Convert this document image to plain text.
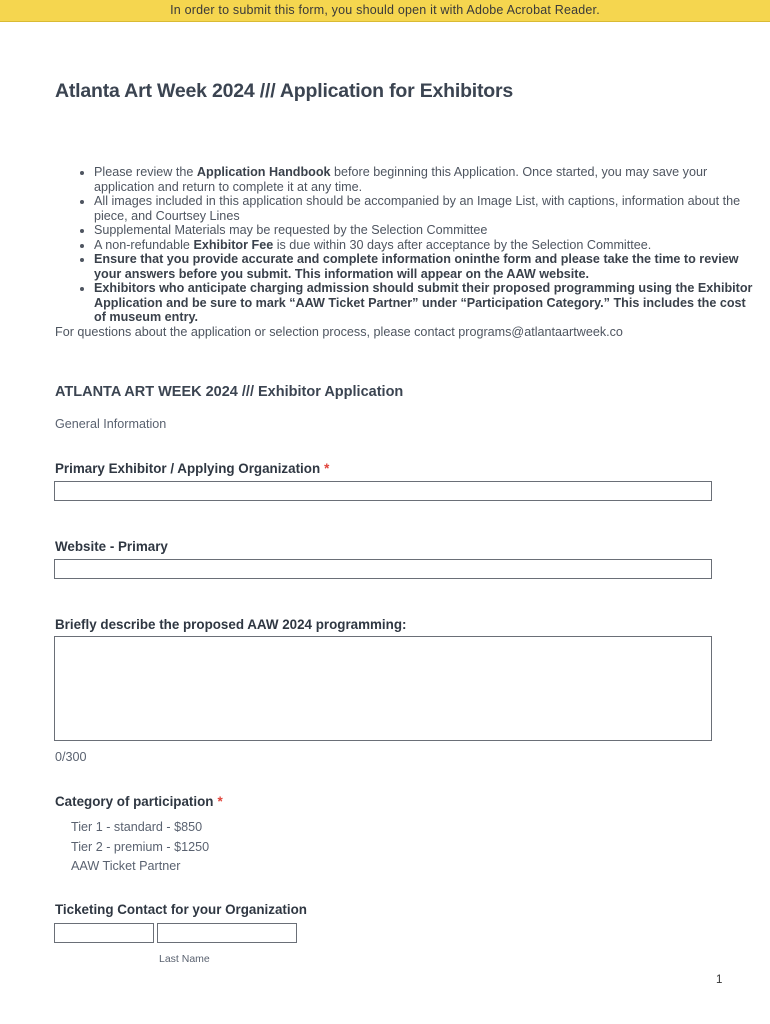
In order to submit this form, you should open it with Adobe Acrobat Reader.
Atlanta Art Week 2024 /// Application for Exhibitors
• Please review the Application Handbook before beginning this Application. Once started, you may save your application and return to complete it at any time.
• All images included in this application should be accompanied by an Image List, with captions, information about the piece, and Courtsey Lines
• Supplemental Materials may be requested by the Selection Committee
• A non-refundable Exhibitor Fee is due within 30 days after acceptance by the Selection Committee.
• Ensure that you provide accurate and complete information oninthe form and please take the time to review your answers before you submit. This information will appear on the AAW website.
• Exhibitors who anticipate charging admission should submit their proposed programming using the Exhibitor Application and be sure to mark “AAW Ticket Partner” under “Participation Category.” This includes the cost of museum entry.
For questions about the application or selection process, please contact programs@atlantaartweek.co
ATLANTA ART WEEK 2024 /// Exhibitor Application
General Information
Primary Exhibitor / Applying Organization *
Website - Primary
Briefly describe the proposed AAW 2024 programming:
0/300
Category of participation *
Tier 1 - standard - $850
Tier 2 - premium - $1250
AAW Ticket Partner
Ticketing Contact for your Organization
Last Name
1
